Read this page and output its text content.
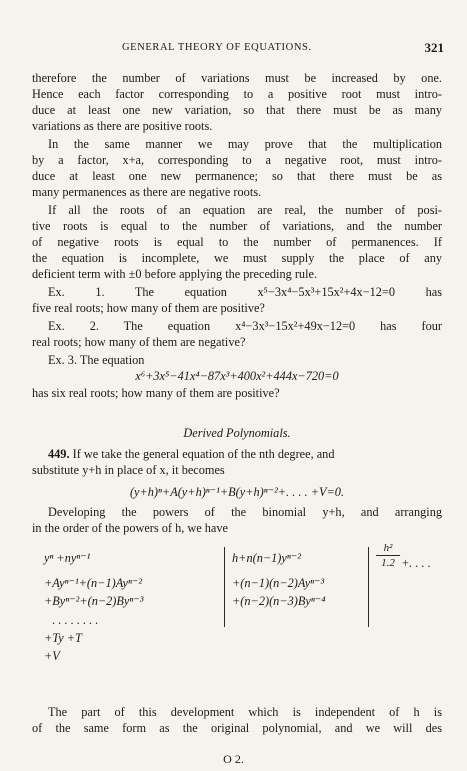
GENERAL THEORY OF EQUATIONS.	321
therefore the number of variations must be increased by one.
Hence each factor corresponding to a positive root must intro-
duce at least one new variation, so that there must be as many
variations as there are positive roots.
In the same manner we may prove that the multiplication
by a factor, x+a, corresponding to a negative root, must intro-
duce at least one new permanence; so that there must be as
many permanences as there are negative roots.
If all the roots of an equation are real, the number of posi-
tive roots is equal to the number of variations, and the number
of negative roots is equal to the number of permanences. If
the equation is incomplete, we must supply the place of any
deficient term with ±0 before applying the preceding rule.
Ex. 1. The equation x⁵−3x⁴−5x³+15x²+4x−12=0 has
five real roots; how many of them are positive?
Ex. 2. The equation x⁴−3x³−15x²+49x−12=0 has four
real roots; how many of them are negative?
Ex. 3. The equation
x⁶+3x⁵−41x⁴−87x³+400x²+444x−720=0
has six real roots; how many of them are positive?
Derived Polynomials.
449. If we take the general equation of the nth degree, and
substitute y+h in place of x, it becomes
(y+h)ⁿ+A(y+h)ⁿ⁻¹+B(y+h)ⁿ⁻²+. . . . +V=0.
Developing the powers of the binomial y+h, and arranging
in the order of the powers of h, we have
yⁿ +nyⁿ⁻¹
+Ayⁿ⁻¹+(n−1)Ayⁿ⁻²
+Byⁿ⁻²+(n−2)Byⁿ⁻³
. . . . . . . .
+Ty +T
+V
h+n(n−1)yⁿ⁻²
+(n−1)(n−2)Ayⁿ⁻³
+(n−2)(n−3)Byⁿ⁻⁴
h²
1.2 +. . . .
The part of this development which is independent of h is
of the same form as the original polynomial, and we will des
O 2.
